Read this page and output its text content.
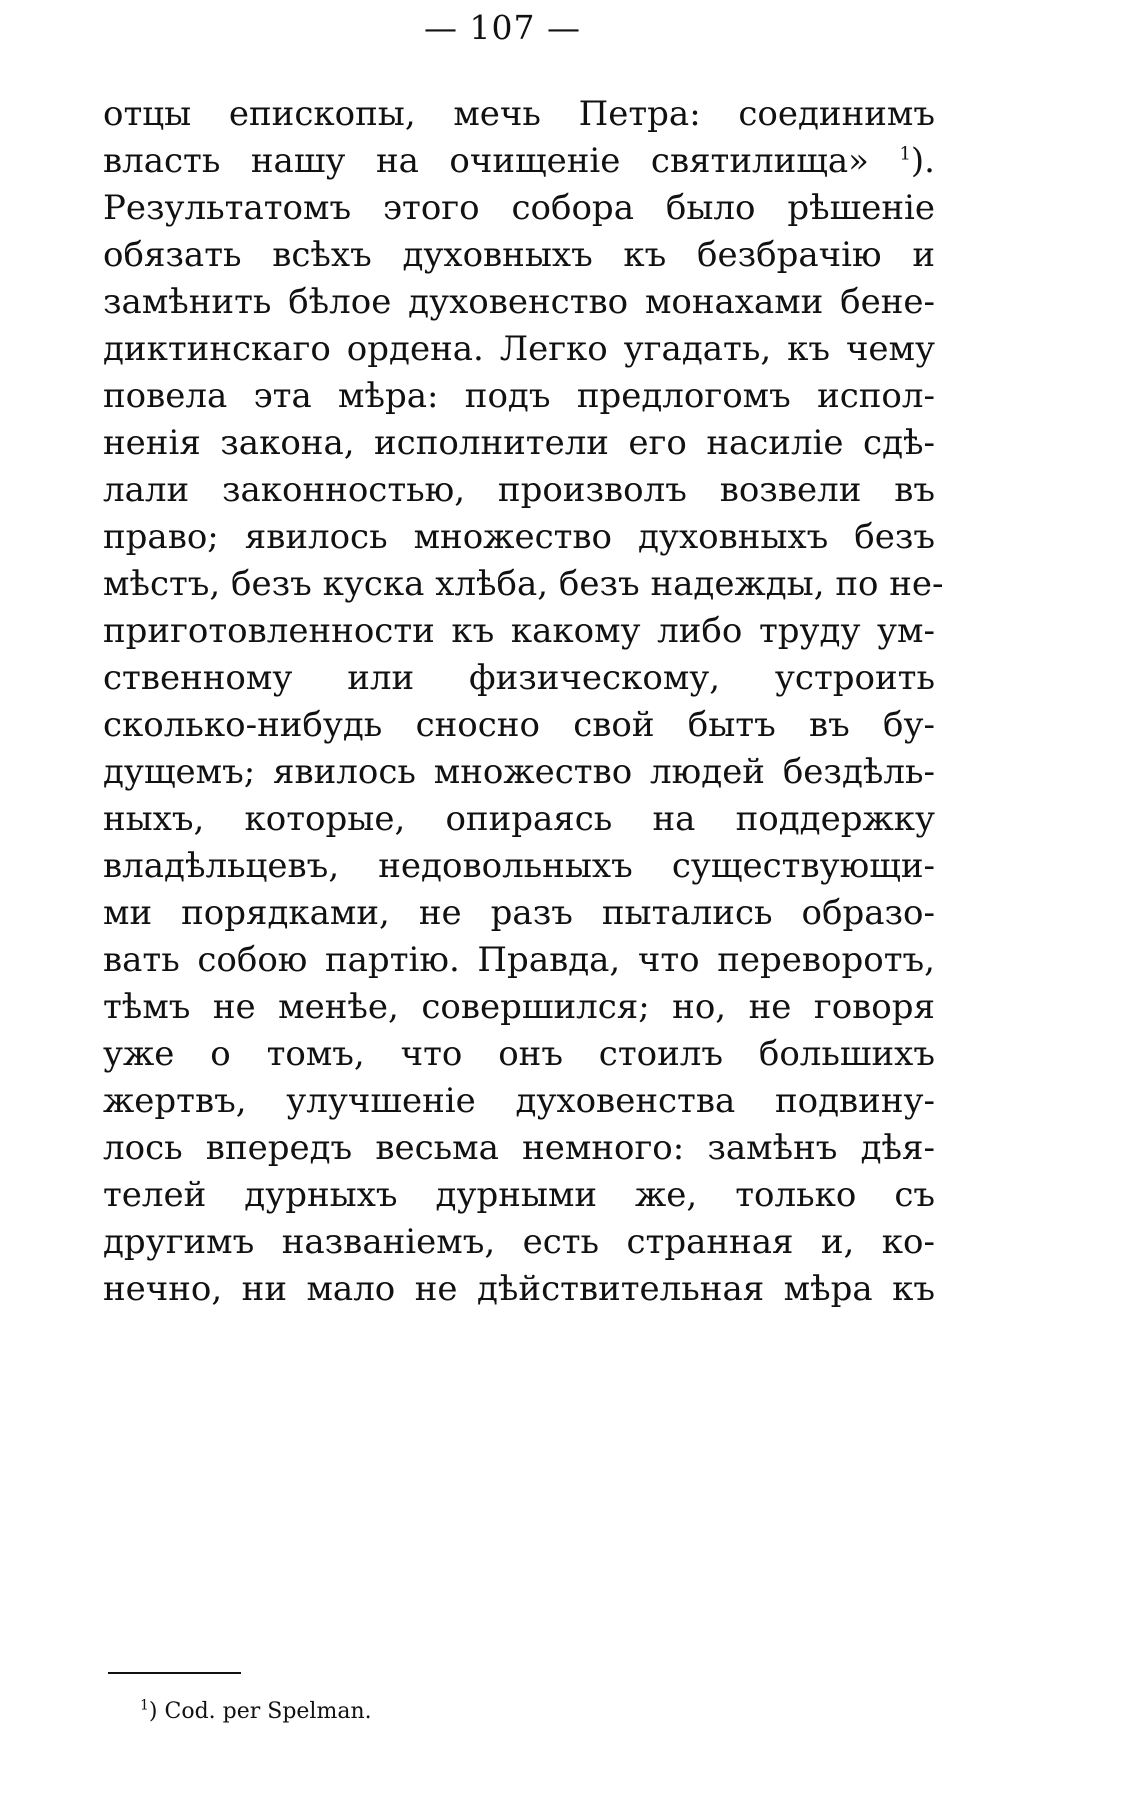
— 107 —
отцы епископы, мечь Петра: соединимъ
власть нашу на очищеніе святилища» $^1$).
Результатомъ этого собора было рѣшеніе
обязать всѣхъ духовныхъ къ безбрачію и
замѣнить бѣлое духовенство монахами бене-
диктинскаго ордена. Легко угадать, къ чему
повела эта мѣра: подъ предлогомъ испол-
ненія закона, исполнители его насиліе сдѣ-
лали законностью, произволъ возвели въ
право; явилось множество духовныхъ безъ
мѣстъ, безъ куска хлѣба, безъ надежды, по не-
приготовленности къ какому либо труду ум-
ственному или физическому, устроить
сколько-нибудь сносно свой бытъ въ бу-
дущемъ; явилось множество людей бездѣль-
ныхъ, которые, опираясь на поддержку
владѣльцевъ, недовольныхъ существующи-
ми порядками, не разъ пытались образо-
вать собою партію. Правда, что переворотъ,
тѣмъ не менѣе, совершился; но, не говоря
уже о томъ, что онъ стоилъ большихъ
жертвъ, улучшеніе духовенства подвину-
лось впередъ весьма немного: замѣнъ дѣя-
телей дурныхъ дурными же, только съ
другимъ названіемъ, есть странная и, ко-
нечно, ни мало не дѣйствительная мѣра къ
$^1$) Cod. per Spelman.
